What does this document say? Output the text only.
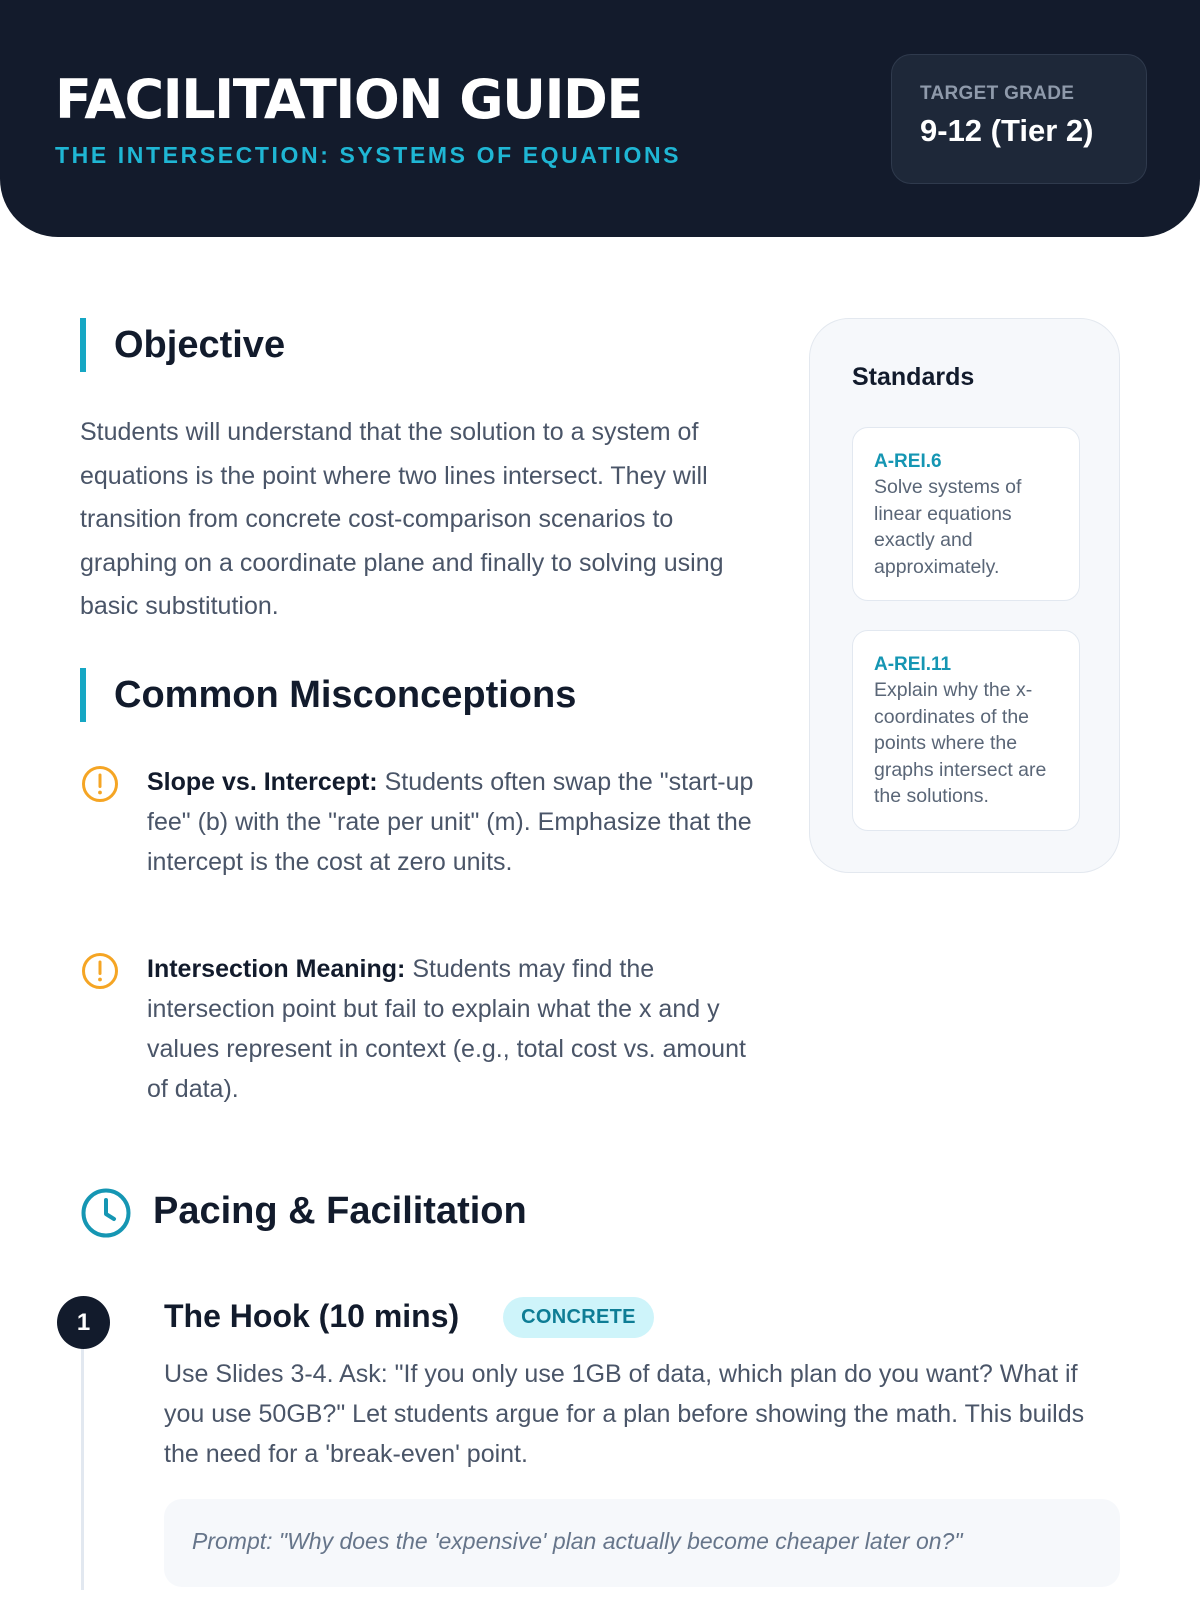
FACILITATION GUIDE
THE INTERSECTION: SYSTEMS OF EQUATIONS
TARGET GRADE
9-12 (Tier 2)
Objective
Students will understand that the solution to a system of equations is the point where two lines intersect. They will transition from concrete cost-comparison scenarios to graphing on a coordinate plane and finally to solving using basic substitution.
Common Misconceptions
Slope vs. Intercept: Students often swap the "start-up fee" (b) with the "rate per unit" (m). Emphasize that the intercept is the cost at zero units.
Intersection Meaning: Students may find the intersection point but fail to explain what the x and y values represent in context (e.g., total cost vs. amount of data).
Standards
A-REI.6
Solve systems of linear equations exactly and approximately.
A-REI.11
Explain why the x-coordinates of the points where the graphs intersect are the solutions.
Pacing & Facilitation
1	The Hook (10 mins)	CONCRETE
Use Slides 3-4. Ask: "If you only use 1GB of data, which plan do you want? What if you use 50GB?" Let students argue for a plan before showing the math. This builds the need for a 'break-even' point.
Prompt: "Why does the 'expensive' plan actually become cheaper later on?"
